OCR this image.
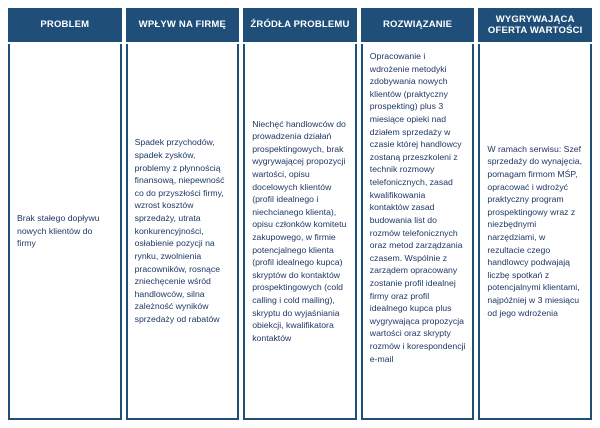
PROBLEM
Brak stałego dopływu nowych klientów do firmy
WPŁYW NA FIRMĘ
Spadek przychodów, spadek zysków, problemy z płynnością finansową, niepewność co do przyszłości firmy, wzrost kosztów sprzedaży, utrata konkurencyjności, osłabienie pozycji na rynku, zwolnienia pracowników, rosnące zniechęcenie wśród handlowców, silna zależność wyników sprzedaży od rabatów
ŹRÓDŁA PROBLEMU
Niechęć handlowców do prowadzenia działań prospektingowych, brak wygrywającej propozycji wartości, opisu docelowych klientów (profil idealnego i niechcianego klienta), opisu członków komitetu zakupowego, w firmie potencjalnego klienta (profil idealnego kupca) skryptów do kontaktów prospektingowych (cold calling i cold mailing), skryptu do wyjaśniania obiekcji, kwalifikatora kontaktów
ROZWIĄZANIE
Opracowanie i wdrożenie metodyki zdobywania nowych klientów (praktyczny prospekting) plus 3 miesiące opieki nad działem sprzedaży w czasie której handlowcy zostaną przeszkoleni z technik rozmowy telefonicznych, zasad kwalifikowania kontaktów zasad budowania list do rozmów telefonicznych oraz metod zarządzania czasem. Wspólnie z zarządem opracowany zostanie profil idealnej firmy oraz profil idealnego kupca plus wygrywająca propozycja wartości oraz skrypty rozmów i korespondencji e-mail
WYGRYWAJĄCA OFERTA WARTOŚCI
W ramach serwisu: Szef sprzedaży do wynajęcia, pomagam firmom MŚP, opracować i wdrożyć praktyczny program prospektingowy wraz z niezbędnymi narzędziami, w rezultacie czego handlowcy podwajają liczbę spotkań z potencjalnymi klientami, najpóźniej w 3 miesiącu od jego wdrożenia
